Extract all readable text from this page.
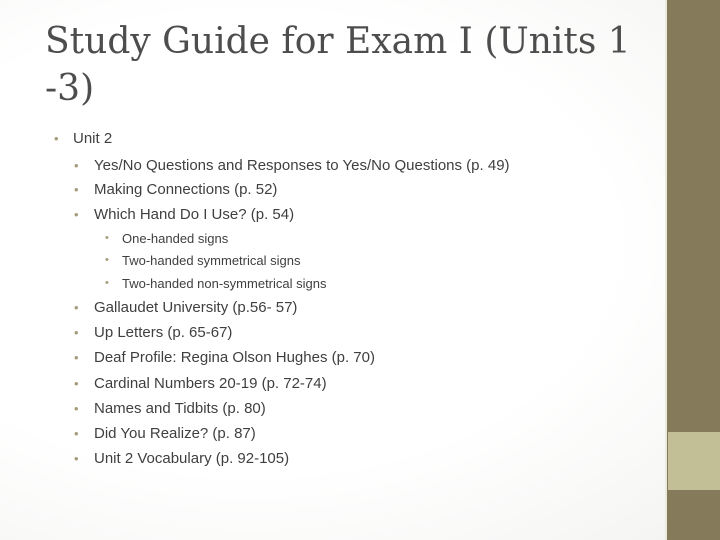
Study Guide for Exam I (Units 1 -3)

• Unit 2

• Yes/No Questions and Responses to Yes/No Questions (p. 49)

• Making Connections (p. 52)

• Which Hand Do I Use? (p. 54)

• One-handed signs

• Two-handed symmetrical signs

• Two-handed non-symmetrical signs

• Gallaudet University (p.56- 57)

• Up Letters (p. 65-67)

• Deaf Profile: Regina Olson Hughes (p. 70)

• Cardinal Numbers 20-19 (p. 72-74)

• Names and Tidbits (p. 80)

• Did You Realize? (p. 87)

• Unit 2 Vocabulary (p. 92-105)
